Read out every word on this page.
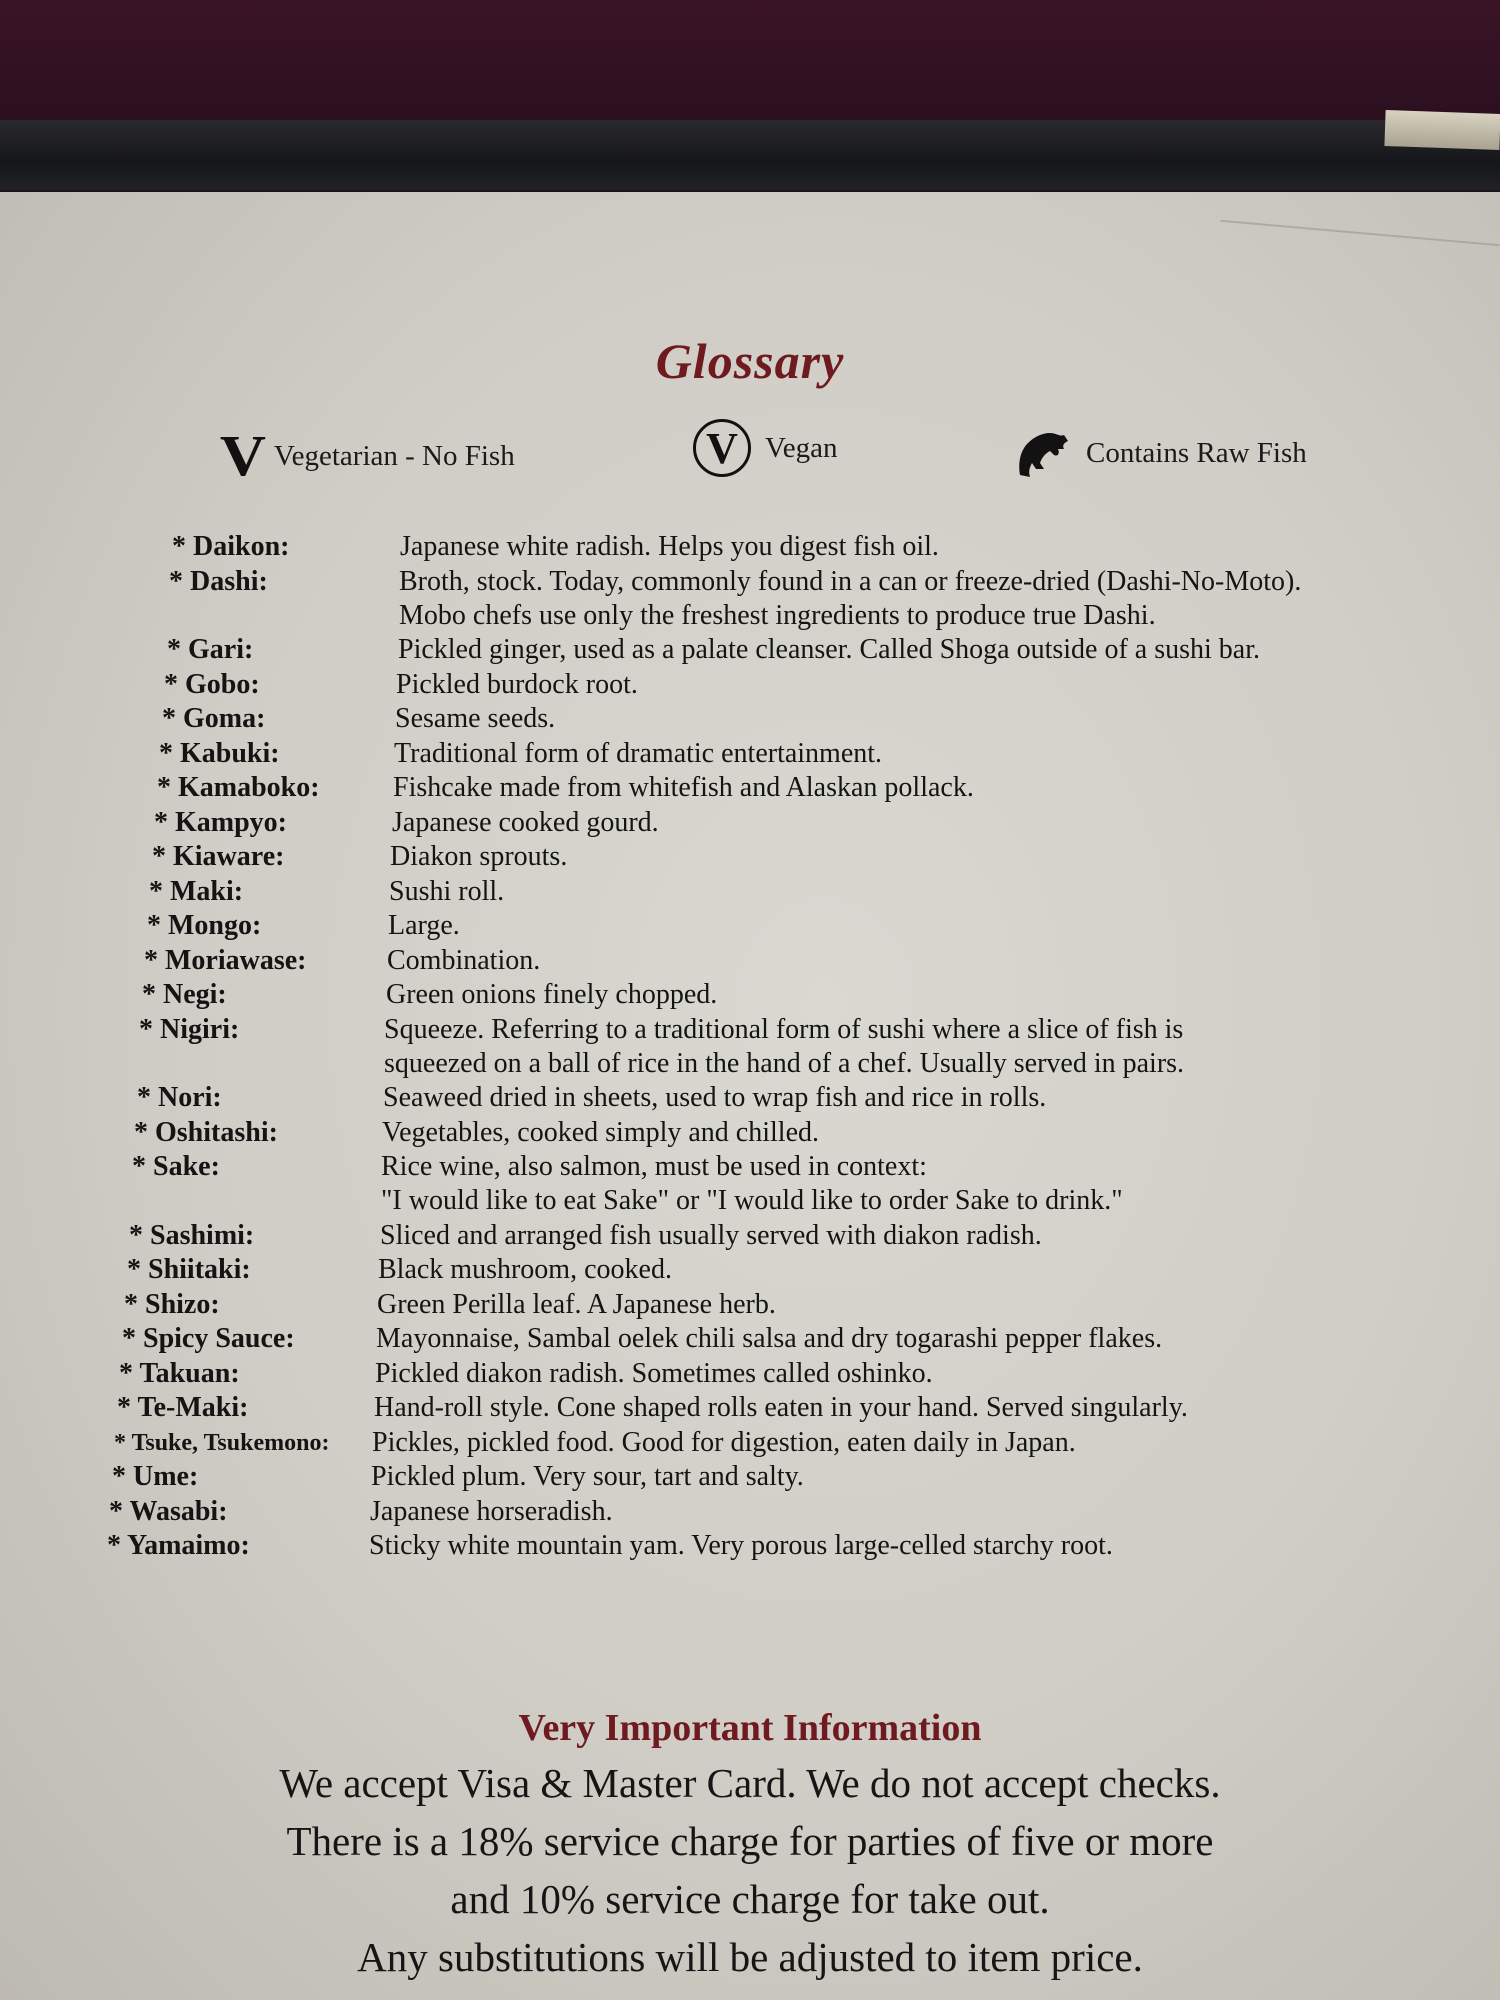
Glossary
V Vegetarian - No Fish	V Vegan	Contains Raw Fish
* Daikon:	Japanese white radish. Helps you digest fish oil.
* Dashi:	Broth, stock. Today, commonly found in a can or freeze-dried (Dashi-No-Moto).
Mobo chefs use only the freshest ingredients to produce true Dashi.
* Gari:	Pickled ginger, used as a palate cleanser. Called Shoga outside of a sushi bar.
* Gobo:	Pickled burdock root.
* Goma:	Sesame seeds.
* Kabuki:	Traditional form of dramatic entertainment.
* Kamaboko:	Fishcake made from whitefish and Alaskan pollack.
* Kampyo:	Japanese cooked gourd.
* Kiaware:	Diakon sprouts.
* Maki:	Sushi roll.
* Mongo:	Large.
* Moriawase:	Combination.
* Negi:	Green onions finely chopped.
* Nigiri:	Squeeze. Referring to a traditional form of sushi where a slice of fish is
squeezed on a ball of rice in the hand of a chef. Usually served in pairs.
* Nori:	Seaweed dried in sheets, used to wrap fish and rice in rolls.
* Oshitashi:	Vegetables, cooked simply and chilled.
* Sake:	Rice wine, also salmon, must be used in context:
"I would like to eat Sake" or "I would like to order Sake to drink."
* Sashimi:	Sliced and arranged fish usually served with diakon radish.
* Shiitaki:	Black mushroom, cooked.
* Shizo:	Green Perilla leaf. A Japanese herb.
* Spicy Sauce:	Mayonnaise, Sambal oelek chili salsa and dry togarashi pepper flakes.
* Takuan:	Pickled diakon radish. Sometimes called oshinko.
* Te-Maki:	Hand-roll style. Cone shaped rolls eaten in your hand. Served singularly.
* Tsuke, Tsukemono: Pickles, pickled food. Good for digestion, eaten daily in Japan.
* Ume:	Pickled plum. Very sour, tart and salty.
* Wasabi:	Japanese horseradish.
* Yamaimo:	Sticky white mountain yam. Very porous large-celled starchy root.
Very Important Information
We accept Visa & Master Card. We do not accept checks.
There is a 18% service charge for parties of five or more
and 10% service charge for take out.
Any substitutions will be adjusted to item price.
